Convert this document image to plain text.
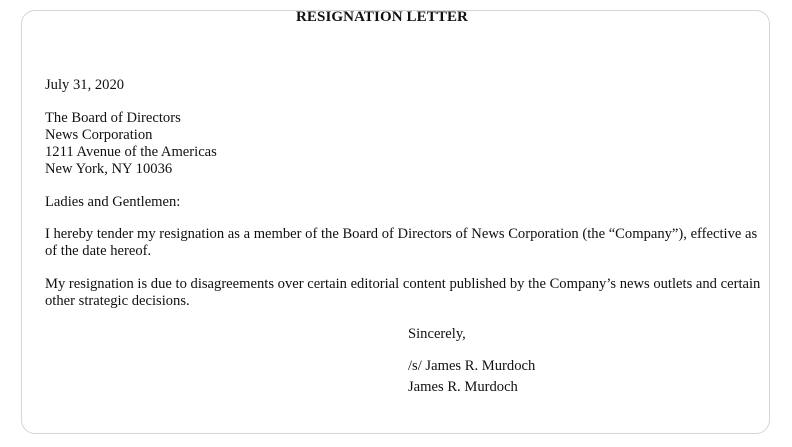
RESIGNATION LETTER
July 31, 2020
The Board of Directors
News Corporation
1211 Avenue of the Americas
New York, NY 10036
Ladies and Gentlemen:
I hereby tender my resignation as a member of the Board of Directors of News Corporation (the “Company”), effective as of the date hereof.
My resignation is due to disagreements over certain editorial content published by the Company’s news outlets and certain other strategic decisions.
Sincerely,
/s/ James R. Murdoch
James R. Murdoch
